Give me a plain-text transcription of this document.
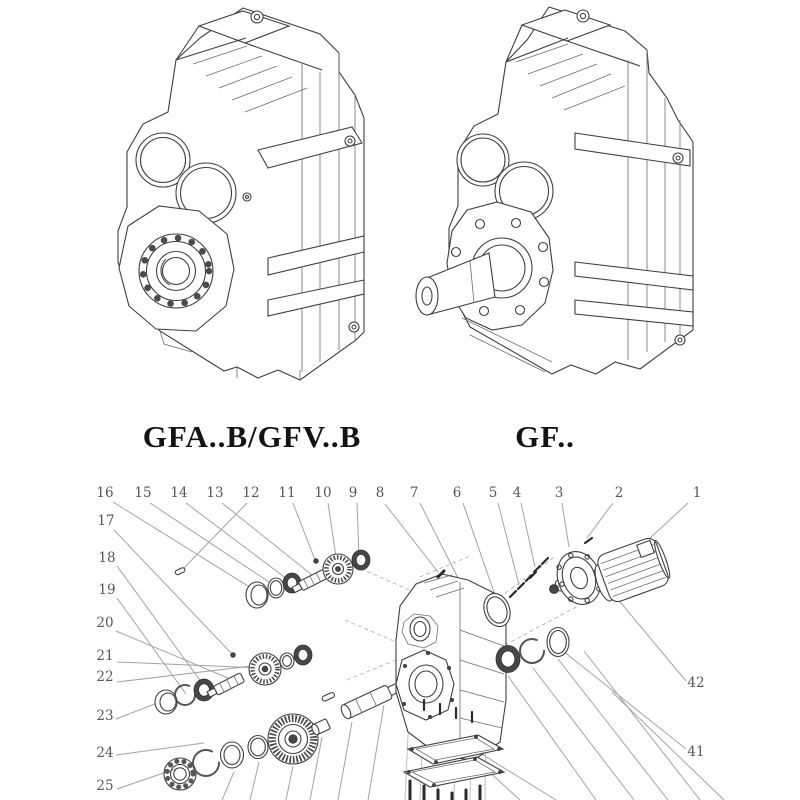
GFA..B/GFV..B	GF..
16 15 14 13 12 11 10 9 8 7	6 5 4 3	2	1
17
18
19
20
21
22
23
24
25
42
41
